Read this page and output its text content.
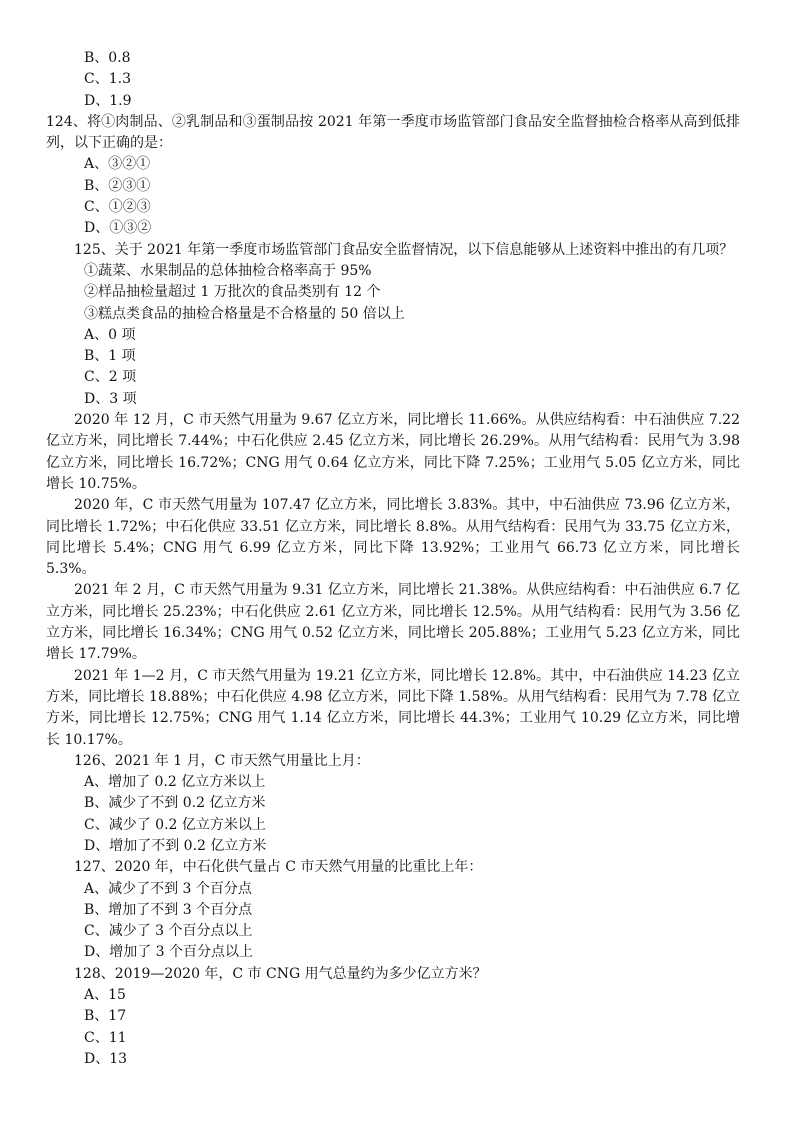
B、0.8
C、1.3
D、1.9
124、将①肉制品、②乳制品和③蛋制品按 2021 年第一季度市场监管部门食品安全监督抽检合格率从高到低排列，以下正确的是：
A、③②①
B、②③①
C、①②③
D、①③②
125、关于 2021 年第一季度市场监管部门食品安全监督情况，以下信息能够从上述资料中推出的有几项？
①蔬菜、水果制品的总体抽检合格率高于 95%
②样品抽检量超过 1 万批次的食品类别有 12 个
③糕点类食品的抽检合格量是不合格量的 50 倍以上
A、0 项
B、1 项
C、2 项
D、3 项
2020 年 12 月，C 市天然气用量为 9.67 亿立方米，同比增长 11.66%。从供应结构看：中石油供应 7.22 亿立方米，同比增长 7.44%；中石化供应 2.45 亿立方米，同比增长 26.29%。从用气结构看：民用气为 3.98 亿立方米，同比增长 16.72%；CNG 用气 0.64 亿立方米，同比下降 7.25%；工业用气 5.05 亿立方米，同比增长 10.75%。
2020 年，C 市天然气用量为 107.47 亿立方米，同比增长 3.83%。其中，中石油供应 73.96 亿立方米，同比增长 1.72%；中石化供应 33.51 亿立方米，同比增长 8.8%。从用气结构看：民用气为 33.75 亿立方米，同比增长 5.4%；CNG 用气 6.99 亿立方米，同比下降 13.92%；工业用气 66.73 亿立方米，同比增长 5.3%。
2021 年 2 月，C 市天然气用量为 9.31 亿立方米，同比增长 21.38%。从供应结构看：中石油供应 6.7 亿立方米，同比增长 25.23%；中石化供应 2.61 亿立方米，同比增长 12.5%。从用气结构看：民用气为 3.56 亿立方米，同比增长 16.34%；CNG 用气 0.52 亿立方米，同比增长 205.88%；工业用气 5.23 亿立方米，同比增长 17.79%。
2021 年 1—2 月，C 市天然气用量为 19.21 亿立方米，同比增长 12.8%。其中，中石油供应 14.23 亿立方米，同比增长 18.88%；中石化供应 4.98 亿立方米，同比下降 1.58%。从用气结构看：民用气为 7.78 亿立方米，同比增长 12.75%；CNG 用气 1.14 亿立方米，同比增长 44.3%；工业用气 10.29 亿立方米，同比增长 10.17%。
126、2021 年 1 月，C 市天然气用量比上月：
A、增加了 0.2 亿立方米以上
B、减少了不到 0.2 亿立方米
C、减少了 0.2 亿立方米以上
D、增加了不到 0.2 亿立方米
127、2020 年，中石化供气量占 C 市天然气用量的比重比上年：
A、减少了不到 3 个百分点
B、增加了不到 3 个百分点
C、减少了 3 个百分点以上
D、增加了 3 个百分点以上
128、2019—2020 年，C 市 CNG 用气总量约为多少亿立方米？
A、15
B、17
C、11
D、13
